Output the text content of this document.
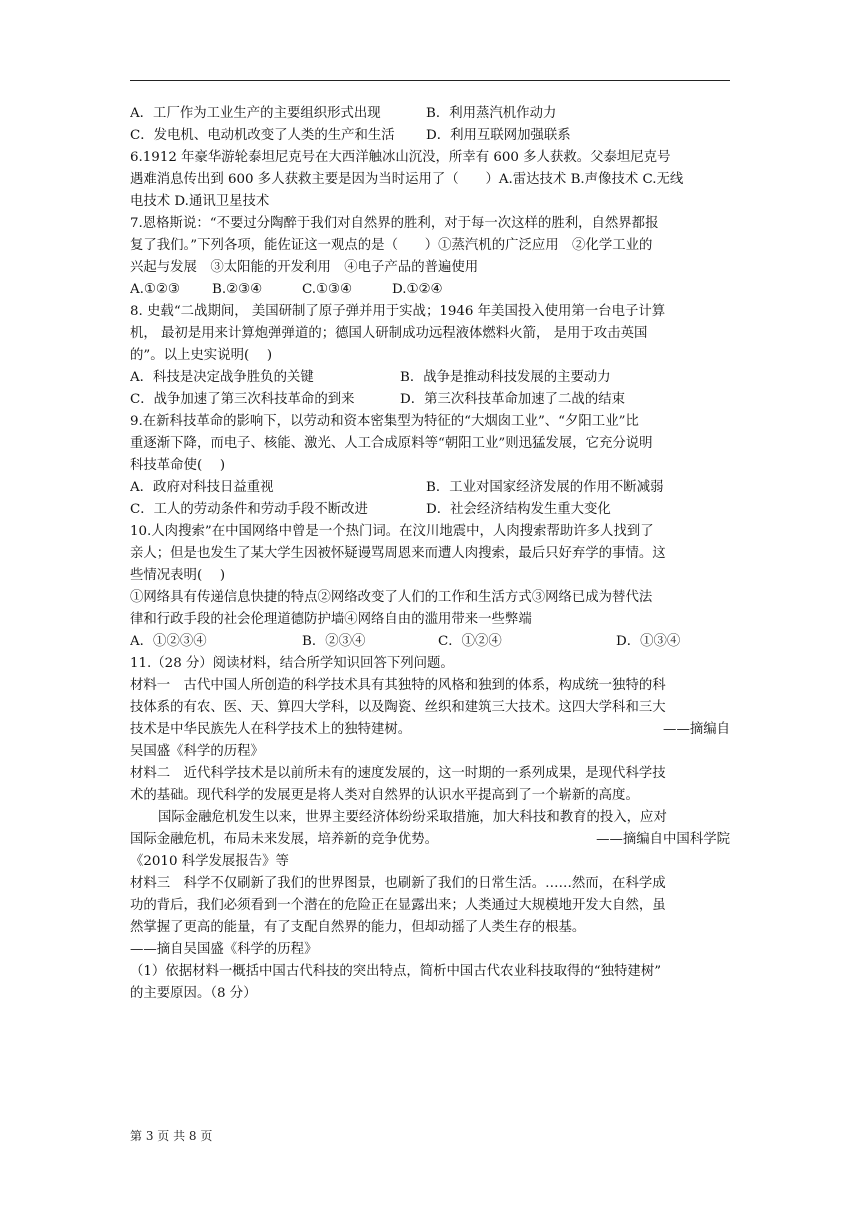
A．工厂作为工业生产的主要组织形式出现	B．利用蒸汽机作动力
C．发电机、电动机改变了人类的生产和生活	D．利用互联网加强联系
6.1912 年豪华游轮泰坦尼克号在大西洋触冰山沉没，所幸有 600 多人获救。父泰坦尼克号
遇难消息传出到 600 多人获救主要是因为当时运用了（　　）A.雷达技术 B.声像技术 C.无线
电技术 D.通讯卫星技术
7.恩格斯说：“不要过分陶醉于我们对自然界的胜利，对于每一次这样的胜利，自然界都报
复了我们。”下列各项，能佐证这一观点的是（　　）①蒸汽机的广泛应用　②化学工业的
兴起与发展　③太阳能的开发利用　④电子产品的普遍使用
A.①②③	B.②③④	C.①③④	D.①②④
8. 史载“二战期间， 美国研制了原子弹并用于实战；1946 年美国投入使用第一台电子计算
机， 最初是用来计算炮弹弹道的；德国人研制成功远程液体燃料火箭， 是用于攻击英国
的”。以上史实说明(　 )
A．科技是决定战争胜负的关键	B．战争是推动科技发展的主要动力
C．战争加速了第三次科技革命的到来	D．第三次科技革命加速了二战的结束
9.在新科技革命的影响下，以劳动和资本密集型为特征的“大烟囱工业”、“夕阳工业”比
重逐渐下降，而电子、核能、激光、人工合成原料等“朝阳工业”则迅猛发展，它充分说明
科技革命使(　 )
A．政府对科技日益重视	B．工业对国家经济发展的作用不断减弱
C．工人的劳动条件和劳动手段不断改进	D．社会经济结构发生重大变化
10.人肉搜索”在中国网络中曾是一个热门词。在汶川地震中，人肉搜索帮助许多人找到了
亲人；但是也发生了某大学生因被怀疑谩骂周恩来而遭人肉搜索，最后只好弃学的事情。这
些情况表明(　 )
①网络具有传递信息快捷的特点②网络改变了人们的工作和生活方式③网络已成为替代法
律和行政手段的社会伦理道德防护墙④网络自由的滥用带来一些弊端
A．①②③④	B．②③④	C．①②④	D．①③④
11.（28 分）阅读材料，结合所学知识回答下列问题。
材料一　古代中国人所创造的科学技术具有其独特的风格和独到的体系，构成统一独特的科
技体系的有农、医、天、算四大学科，以及陶瓷、丝织和建筑三大技术。这四大学科和三大
技术是中华民族先人在科学技术上的独特建树。	——摘编自
吴国盛《科学的历程》
材料二　近代科学技术是以前所未有的速度发展的，这一时期的一系列成果，是现代科学技
术的基础。现代科学的发展更是将人类对自然界的认识水平提高到了一个崭新的高度。
国际金融危机发生以来，世界主要经济体纷纷采取措施，加大科技和教育的投入，应对
国际金融危机，布局未来发展，培养新的竞争优势。	——摘编自中国科学院
《2010 科学发展报告》等
材料三　科学不仅刷新了我们的世界图景，也刷新了我们的日常生活。……然而，在科学成
功的背后，我们必须看到一个潜在的危险正在显露出来；人类通过大规模地开发大自然，虽
然掌握了更高的能量，有了支配自然界的能力，但却动摇了人类生存的根基。
——摘自吴国盛《科学的历程》
（1）依据材料一概括中国古代科技的突出特点，简析中国古代农业科技取得的“独特建树”
的主要原因。（8 分）
第 3 页 共 8 页
